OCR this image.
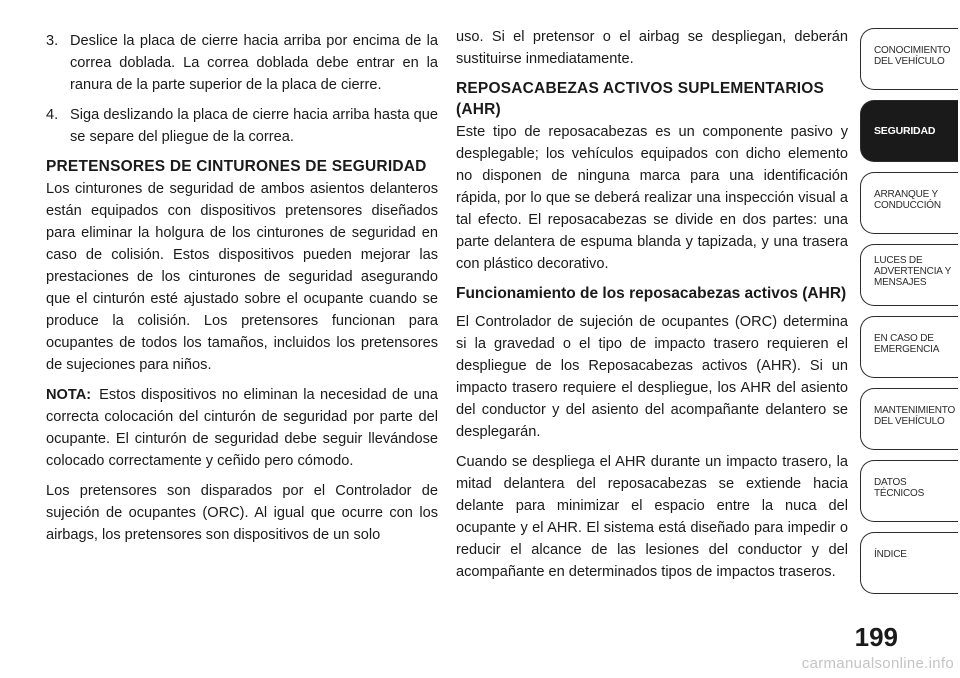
3. Deslice la placa de cierre hacia arriba por encima de la correa doblada. La correa doblada debe entrar en la ranura de la parte superior de la placa de cierre.
4. Siga deslizando la placa de cierre hacia arriba hasta que se separe del pliegue de la correa.
PRETENSORES DE CINTURONES DE SEGURIDAD

Los cinturones de seguridad de ambos asientos delanteros están equipados con dispositivos pretensores diseñados para eliminar la holgura de los cinturones de seguridad en caso de colisión. Estos dispositivos pueden mejorar las prestaciones de los cinturones de seguridad asegurando que el cinturón esté ajustado sobre el ocupante cuando se produce la colisión. Los pretensores funcionan para ocupantes de todos los tamaños, incluidos los pretensores de sujeciones para niños.

NOTA: Estos dispositivos no eliminan la necesidad de una correcta colocación del cinturón de seguridad por parte del ocupante. El cinturón de seguridad debe seguir llevándose colocado correctamente y ceñido pero cómodo.

Los pretensores son disparados por el Controlador de sujeción de ocupantes (ORC). Al igual que ocurre con los airbags, los pretensores son dispositivos de un solo

uso. Si el pretensor o el airbag se despliegan, deberán sustituirse inmediatamente.

REPOSACABEZAS ACTIVOS SUPLEMENTARIOS (AHR)

Este tipo de reposacabezas es un componente pasivo y desplegable; los vehículos equipados con dicho elemento no disponen de ninguna marca para una identificación rápida, por lo que se deberá realizar una inspección visual a tal efecto. El reposacabezas se divide en dos partes: una parte delantera de espuma blanda y tapizada, y una trasera con plástico decorativo.

Funcionamiento de los reposacabezas activos (AHR)

El Controlador de sujeción de ocupantes (ORC) determina si la gravedad o el tipo de impacto trasero requieren el despliegue de los Reposacabezas activos (AHR). Si un impacto trasero requiere el despliegue, los AHR del asiento del conductor y del asiento del acompañante delantero se desplegarán.

Cuando se despliega el AHR durante un impacto trasero, la mitad delantera del reposacabezas se extiende hacia delante para minimizar el espacio entre la nuca del ocupante y el AHR. El sistema está diseñado para impedir o reducir el alcance de las lesiones del conductor y del acompañante en determinados tipos de impactos traseros.

CONOCIMIENTO
DEL VEHÍCULO
SEGURIDAD
ARRANQUE Y
CONDUCCIÓN
LUCES DE
ADVERTENCIA Y
MENSAJES
EN CASO DE
EMERGENCIA
MANTENIMIENTO
DEL VEHÍCULO
DATOS
TÉCNICOS
ÍNDICE
199
carmanualsonline.info
